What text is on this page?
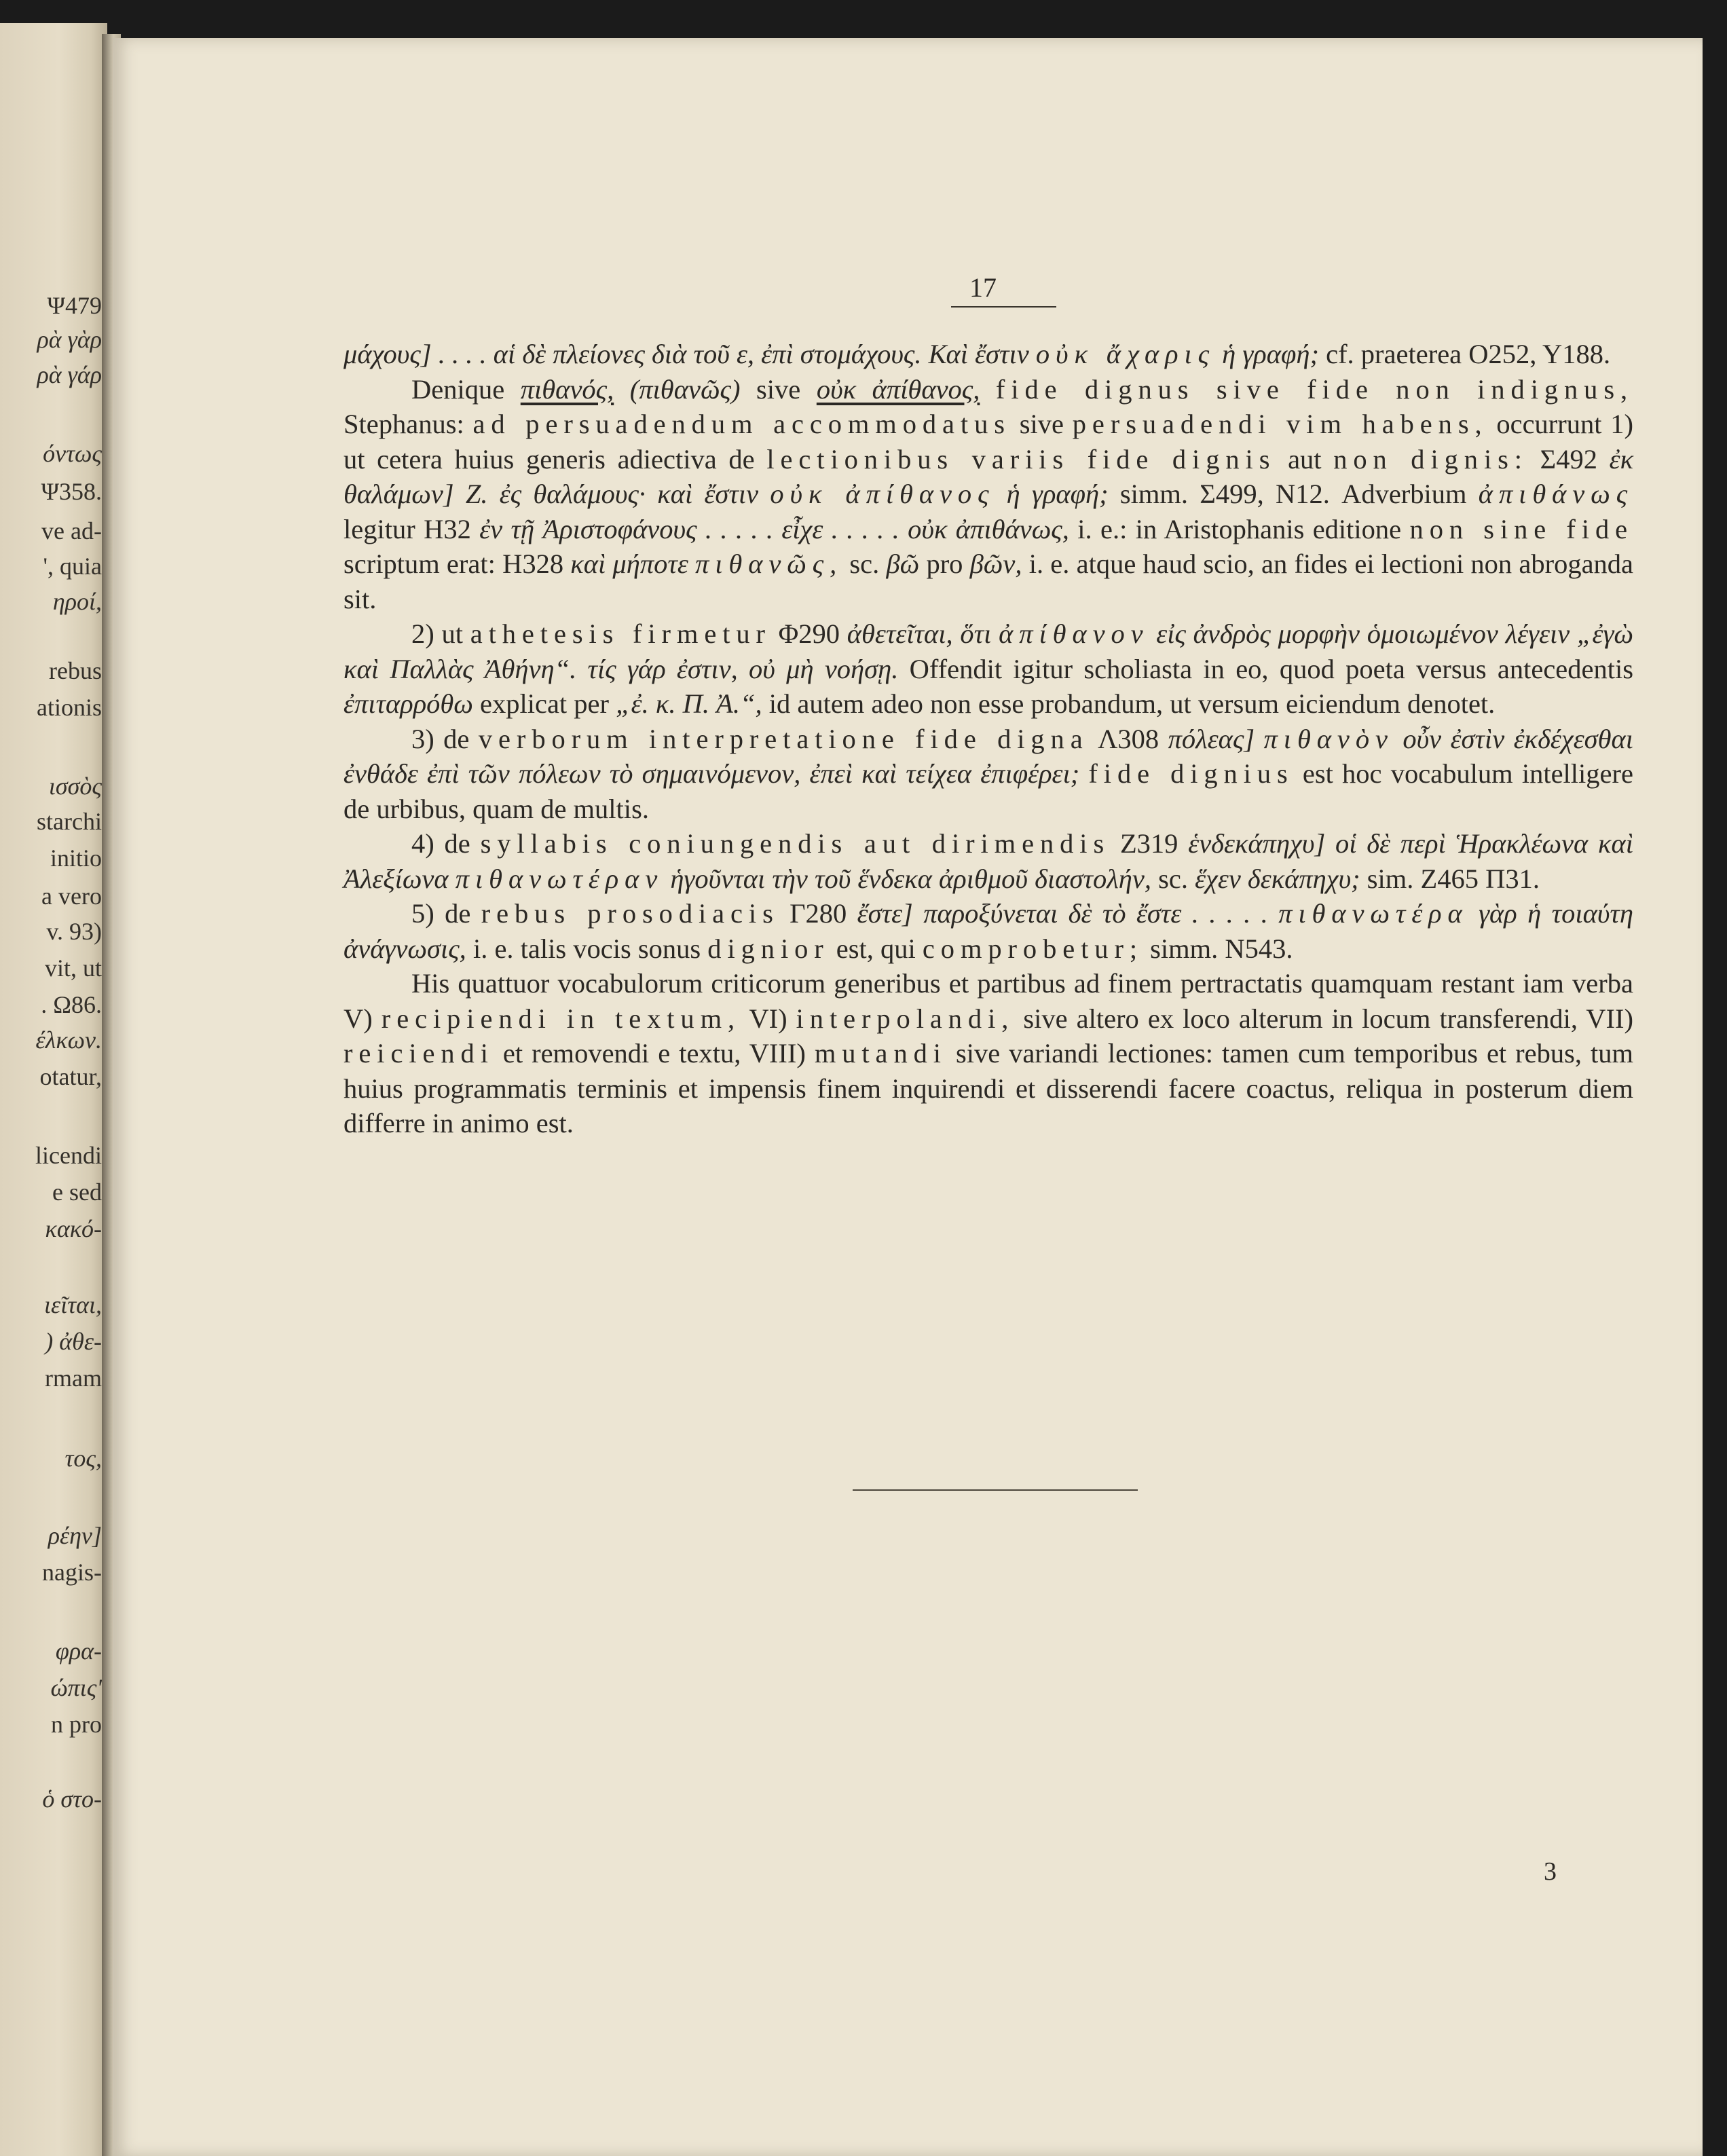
Ψ479
ρὰ γὰρ
ρὰ γάρ
όντως
Ψ358.
ve ad-
', quia
ηροί,
rebus
ationis
ισσὸς
starchi
initio
a vero
v. 93)
vit, ut
. Ω86.
έλκων.
otatur,
licendi
e sed
κακό-
ιεῖται,
) ἀθε-
rmam
τος,
ρέην]
nagis-
φρα-
ώπις'
n pro
ὁ στο-
17

μάχους] . . . . αἱ δὲ πλείονες διὰ τοῦ ε, ἐπὶ στομάχους. Καὶ ἔστιν οὐκ ἄχαρις ἡ γραφή; cf. praeterea Ο252, Υ188.

Denique πιθανός, (πιθανῶς) sive οὐκ ἀπίθανος, fide dignus sive fide non indignus, Stephanus: ad persuadendum accommodatus sive persuadendi vim habens, occurrunt 1) ut cetera huius generis adiectiva de lectionibus variis fide dignis aut non dignis: Σ492 ἐκ θαλάμων] Ζ. ἐς θαλάμους· καὶ ἔστιν οὐκ ἀπίθανος ἡ γραφή; simm. Σ499, Ν12. Adverbium ἀπιθάνως legitur Η32 ἐν τῇ Ἀριστοφάνους . . . . . εἶχε . . . . . οὐκ ἀπιθάνως, i. e.: in Aristophanis editione non sine fide scriptum erat: Η328 καὶ μήποτε πιθανῶς, sc. βῶ pro βῶν, i. e. atque haud scio, an fides ei lectioni non abroganda sit.

2) ut athetesis firmetur Φ290 ἀθετεῖται, ὅτι ἀπίθανον εἰς ἀνδρὸς μορφὴν ὁμοιωμένον λέγειν „ἐγὼ καὶ Παλλὰς Ἀθήνη“. τίς γάρ ἐστιν, οὐ μὴ νοήσῃ. Offendit igitur scholiasta in eo, quod poeta versus antecedentis ἐπιταρρόθω explicat per „ἐ. κ. Π. Ἀ.“, id autem adeo non esse probandum, ut versum eiciendum denotet.

3) de verborum interpretatione fide digna Λ308 πόλεας] πιθανὸν οὖν ἐστὶν ἐκδέχεσθαι ἐνθάδε ἐπὶ τῶν πόλεων τὸ σημαινόμενον, ἐπεὶ καὶ τείχεα ἐπιφέρει; fide dignius est hoc vocabulum intelligere de urbibus, quam de multis.

4) de syllabis coniungendis aut dirimendis Ζ319 ἑνδεκάπηχυ] οἱ δὲ περὶ Ἡρακλέωνα καὶ Ἀλεξίωνα πιθανωτέραν ἡγοῦνται τὴν τοῦ ἕνδεκα ἀριθμοῦ διαστολήν, sc. ἕχεν δεκάπηχυ; sim. Ζ465 Π31.

5) de rebus prosodiacis Γ280 ἔστε] παροξύνεται δὲ τὸ ἔστε . . . . . πιθανωτέρα γὰρ ἡ τοιαύτη ἀνάγνωσις, i. e. talis vocis sonus dignior est, qui comprobetur; simm. Ν543.

His quattuor vocabulorum criticorum generibus et partibus ad finem pertractatis quamquam restant iam verba V) recipiendi in textum, VI) interpolandi, sive altero ex loco alterum in locum transferendi, VII) reiciendi et removendi e textu, VIII) mutandi sive variandi lectiones: tamen cum temporibus et rebus, tum huius programmatis terminis et impensis finem inquirendi et disserendi facere coactus, reliqua in posterum diem differre in animo est.

3
